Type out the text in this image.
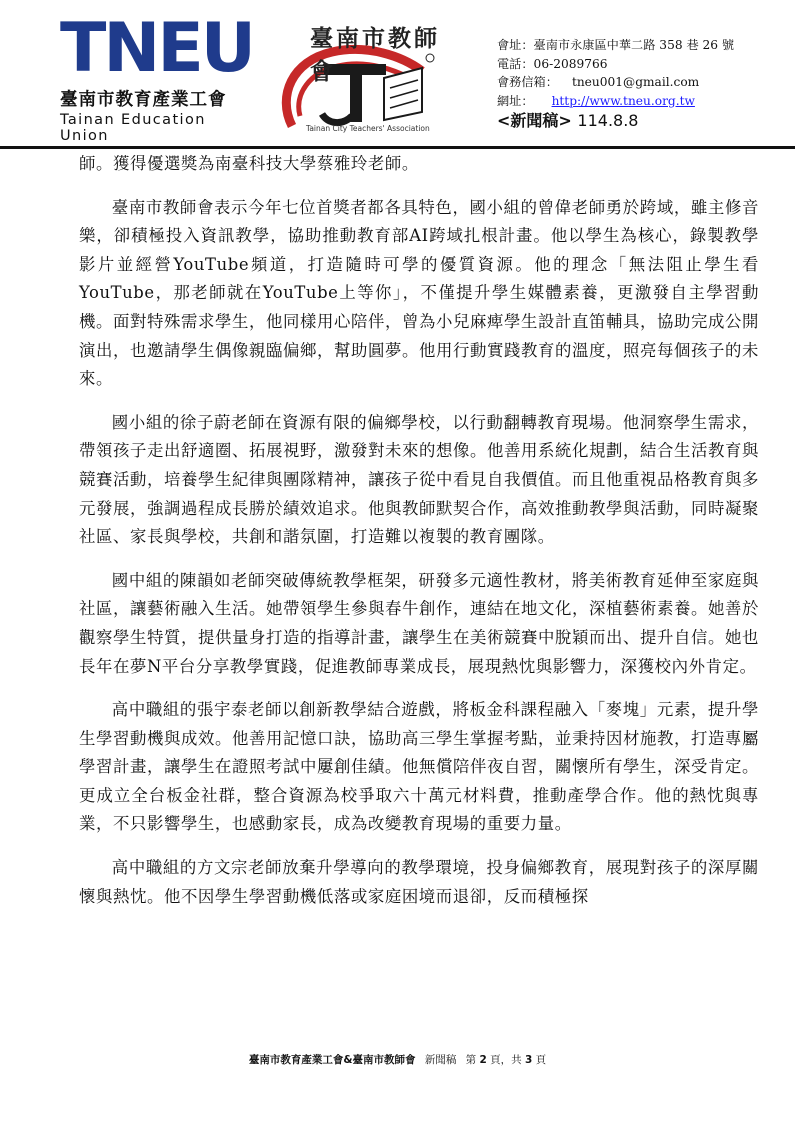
TNEU
臺南市教育產業工會
Tainan Education Union
臺南市教師會
Tainan City Teachers' Association
會址：臺南市永康區中華二路 358 巷 26 號
電話：06-2089766
會務信箱： tneu001@gmail.com
網址： http://www.tneu.org.tw
<新聞稿> 114.8.8

師。獲得優選獎為南臺科技大學蔡雅玲老師。

臺南市教師會表示今年七位首獎者都各具特色，國小組的曾偉老師勇於跨域，雖主修音樂，卻積極投入資訊教學，協助推動教育部AI跨域扎根計畫。他以學生為核心，錄製教學影片並經營YouTube頻道，打造隨時可學的優質資源。他的理念「無法阻止學生看YouTube，那老師就在YouTube上等你」，不僅提升學生媒體素養，更激發自主學習動機。面對特殊需求學生，他同樣用心陪伴，曾為小兒麻痺學生設計直笛輔具，協助完成公開演出，也邀請學生偶像親臨偏鄉，幫助圓夢。他用行動實踐教育的溫度，照亮每個孩子的未來。

國小組的徐子蔚老師在資源有限的偏鄉學校，以行動翻轉教育現場。他洞察學生需求，帶領孩子走出舒適圈、拓展視野，激發對未來的想像。他善用系統化規劃，結合生活教育與競賽活動，培養學生紀律與團隊精神，讓孩子從中看見自我價值。而且他重視品格教育與多元發展，強調過程成長勝於績效追求。他與教師默契合作，高效推動教學與活動，同時凝聚社區、家長與學校，共創和諧氛圍，打造難以複製的教育團隊。

國中組的陳韻如老師突破傳統教學框架，研發多元適性教材，將美術教育延伸至家庭與社區，讓藝術融入生活。她帶領學生參與春牛創作，連結在地文化，深植藝術素養。她善於觀察學生特質，提供量身打造的指導計畫，讓學生在美術競賽中脫穎而出、提升自信。她也長年在夢N平台分享教學實踐，促進教師專業成長，展現熱忱與影響力，深獲校內外肯定。

高中職組的張宇泰老師以創新教學結合遊戲，將板金科課程融入「麥塊」元素，提升學生學習動機與成效。他善用記憶口訣，協助高三學生掌握考點，並秉持因材施教，打造專屬學習計畫，讓學生在證照考試中屢創佳績。他無償陪伴夜自習，關懷所有學生，深受肯定。更成立全台板金社群，整合資源為校爭取六十萬元材料費，推動產學合作。他的熱忱與專業，不只影響學生，也感動家長，成為改變教育現場的重要力量。

高中職組的方文宗老師放棄升學導向的教學環境，投身偏鄉教育，展現對孩子的深厚關懷與熱忱。他不因學生學習動機低落或家庭困境而退卻，反而積極探

臺南市教育產業工會&臺南市教師會 新聞稿 第 2 頁，共 3 頁
